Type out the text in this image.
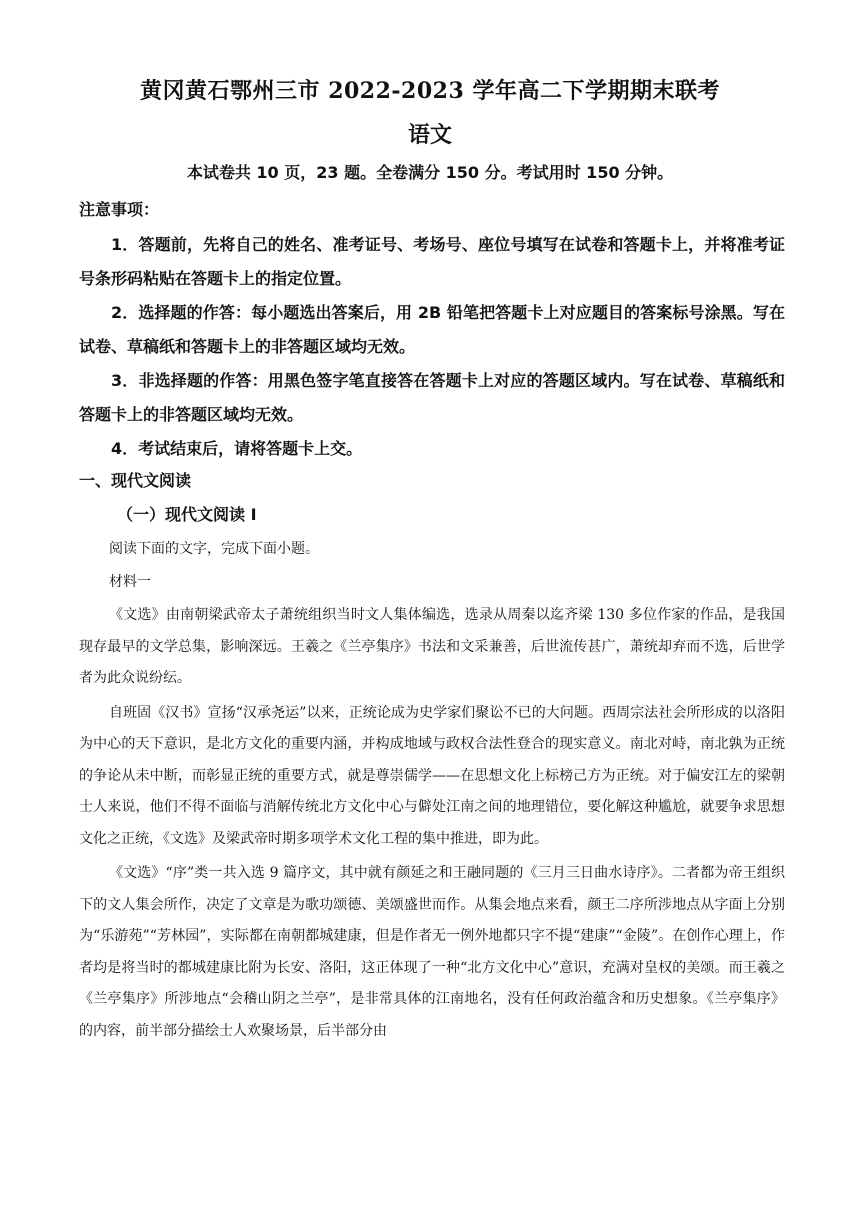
黄冈黄石鄂州三市 2022-2023 学年高二下学期期末联考
语文
本试卷共 10 页，23 题。全卷满分 150 分。考试用时 150 分钟。
注意事项：

1．答题前，先将自己的姓名、准考证号、考场号、座位号填写在试卷和答题卡上，并将准考证号条形码粘贴在答题卡上的指定位置。

2．选择题的作答：每小题选出答案后，用 2B 铅笔把答题卡上对应题目的答案标号涂黑。写在试卷、草稿纸和答题卡上的非答题区域均无效。

3．非选择题的作答：用黑色签字笔直接答在答题卡上对应的答题区域内。写在试卷、草稿纸和答题卡上的非答题区域均无效。

4．考试结束后，请将答题卡上交。

一、现代文阅读
（一）现代文阅读 I
阅读下面的文字，完成下面小题。
材料一

《文选》由南朝梁武帝太子萧统组织当时文人集体编选，选录从周秦以迄齐梁 130 多位作家的作品，是我国现存最早的文学总集，影响深远。王羲之《兰亭集序》书法和文采兼善，后世流传甚广，萧统却弃而不选，后世学者为此众说纷纭。

自班固《汉书》宣扬“汉承尧运”以来，正统论成为史学家们聚讼不已的大问题。西周宗法社会所形成的以洛阳为中心的天下意识，是北方文化的重要内涵，并构成地域与政权合法性登合的现实意义。南北对峙，南北孰为正统的争论从未中断，而彰显正统的重要方式，就是尊崇儒学——在思想文化上标榜己方为正统。对于偏安江左的梁朝士人来说，他们不得不面临与消解传统北方文化中心与僻处江南之间的地理错位，要化解这种尴尬，就要争求思想文化之正统，《文选》及梁武帝时期多项学术文化工程的集中推进，即为此。

《文选》“序”类一共入选 9 篇序文，其中就有颜延之和王融同题的《三月三日曲水诗序》。二者都为帝王组织下的文人集会所作，决定了文章是为歌功颂德、美颂盛世而作。从集会地点来看，颜王二序所涉地点从字面上分别为“乐游苑”“芳林园”，实际都在南朝都城建康，但是作者无一例外地都只字不提“建康”“金陵”。在创作心理上，作者均是将当时的都城建康比附为长安、洛阳，这正体现了一种“北方文化中心”意识，充满对皇权的美颂。而王羲之《兰亭集序》所涉地点“会稽山阴之兰亭”，是非常具体的江南地名，没有任何政治蕴含和历史想象。《兰亭集序》的内容，前半部分描绘士人欢聚场景，后半部分由
